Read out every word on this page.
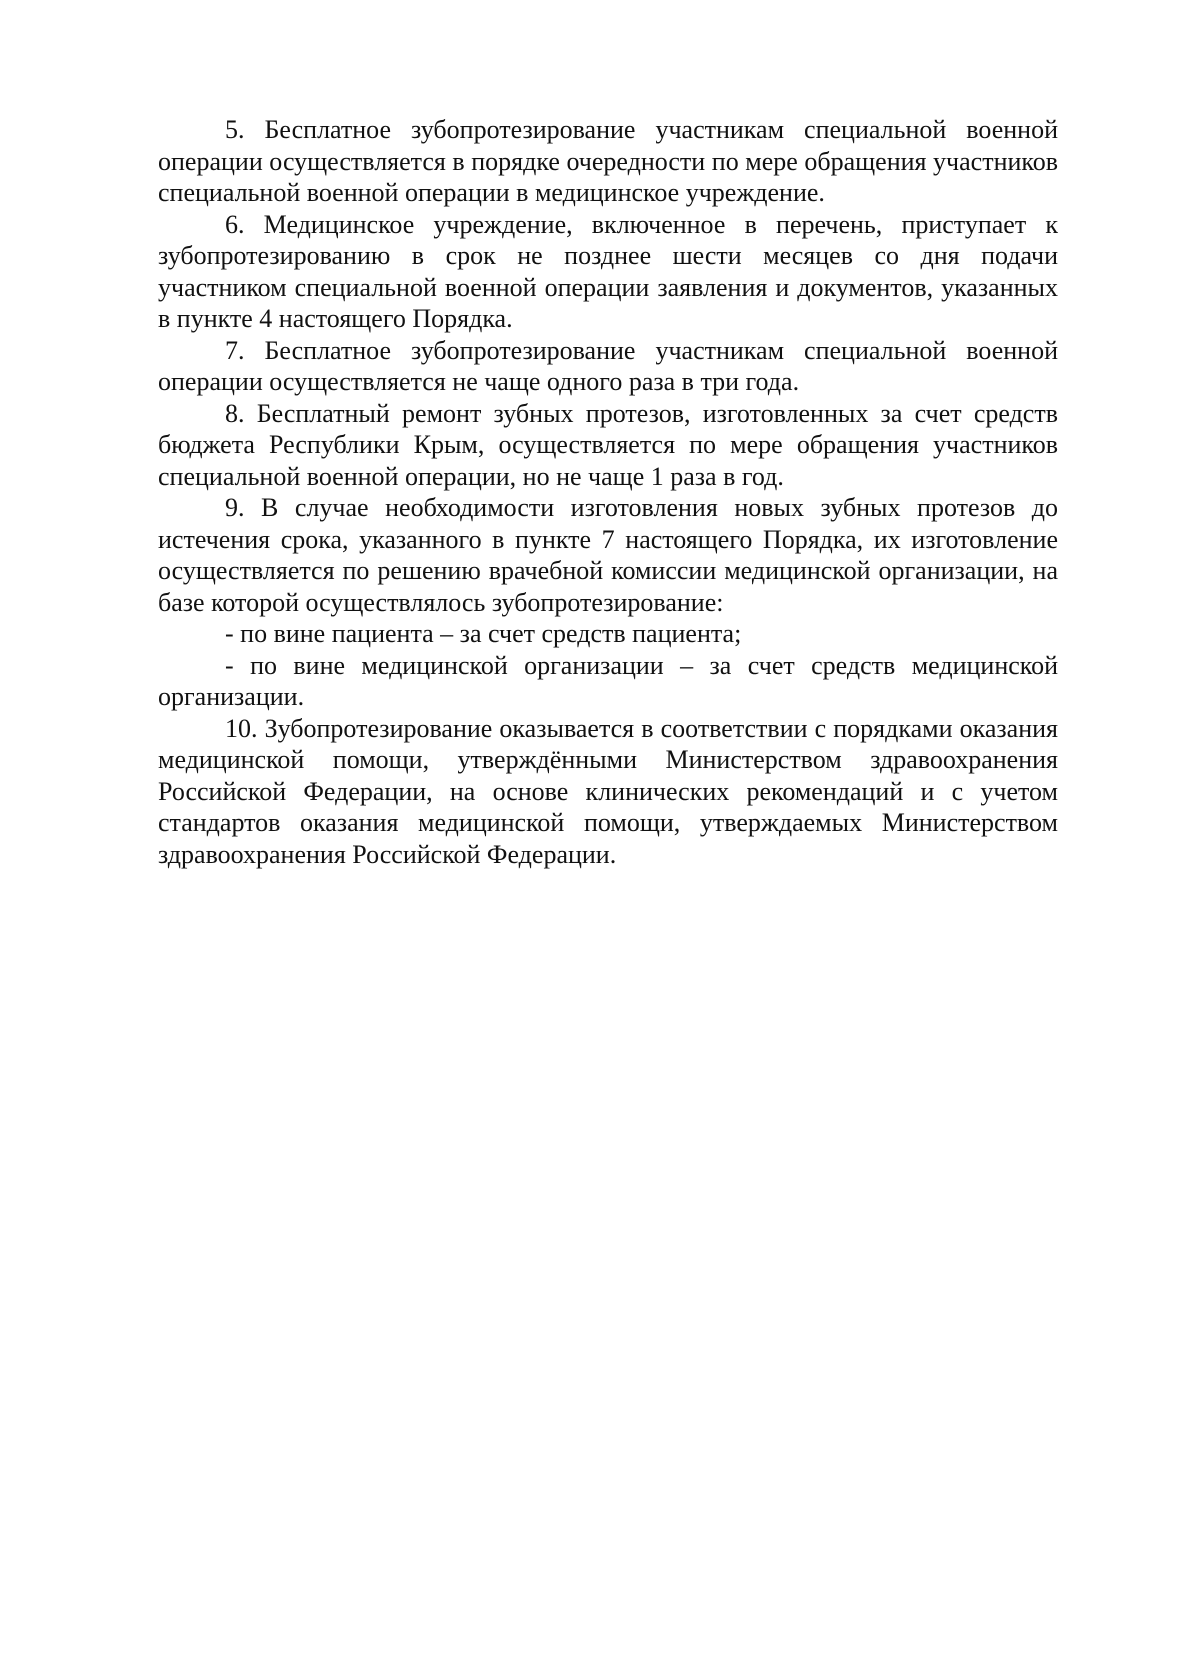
5. Бесплатное зубопротезирование участникам специальной военной операции осуществляется в порядке очередности по мере обращения участников специальной военной операции в медицинское учреждение.

6. Медицинское учреждение, включенное в перечень, приступает к зубопротезированию в срок не позднее шести месяцев со дня подачи участником специальной военной операции заявления и документов, указанных в пункте 4 настоящего Порядка.

7. Бесплатное зубопротезирование участникам специальной военной операции осуществляется не чаще одного раза в три года.

8. Бесплатный ремонт зубных протезов, изготовленных за счет средств бюджета Республики Крым, осуществляется по мере обращения участников специальной военной операции, но не чаще 1 раза в год.

9. В случае необходимости изготовления новых зубных протезов до истечения срока, указанного в пункте 7 настоящего Порядка, их изготовление осуществляется по решению врачебной комиссии медицинской организации, на базе которой осуществлялось зубопротезирование:

- по вине пациента – за счет средств пациента;

- по вине медицинской организации – за счет средств медицинской организации.

10. Зубопротезирование оказывается в соответствии с порядками оказания медицинской помощи, утверждёнными Министерством здравоохранения Российской Федерации, на основе клинических рекомендаций и с учетом стандартов оказания медицинской помощи, утверждаемых Министерством здравоохранения Российской Федерации.
